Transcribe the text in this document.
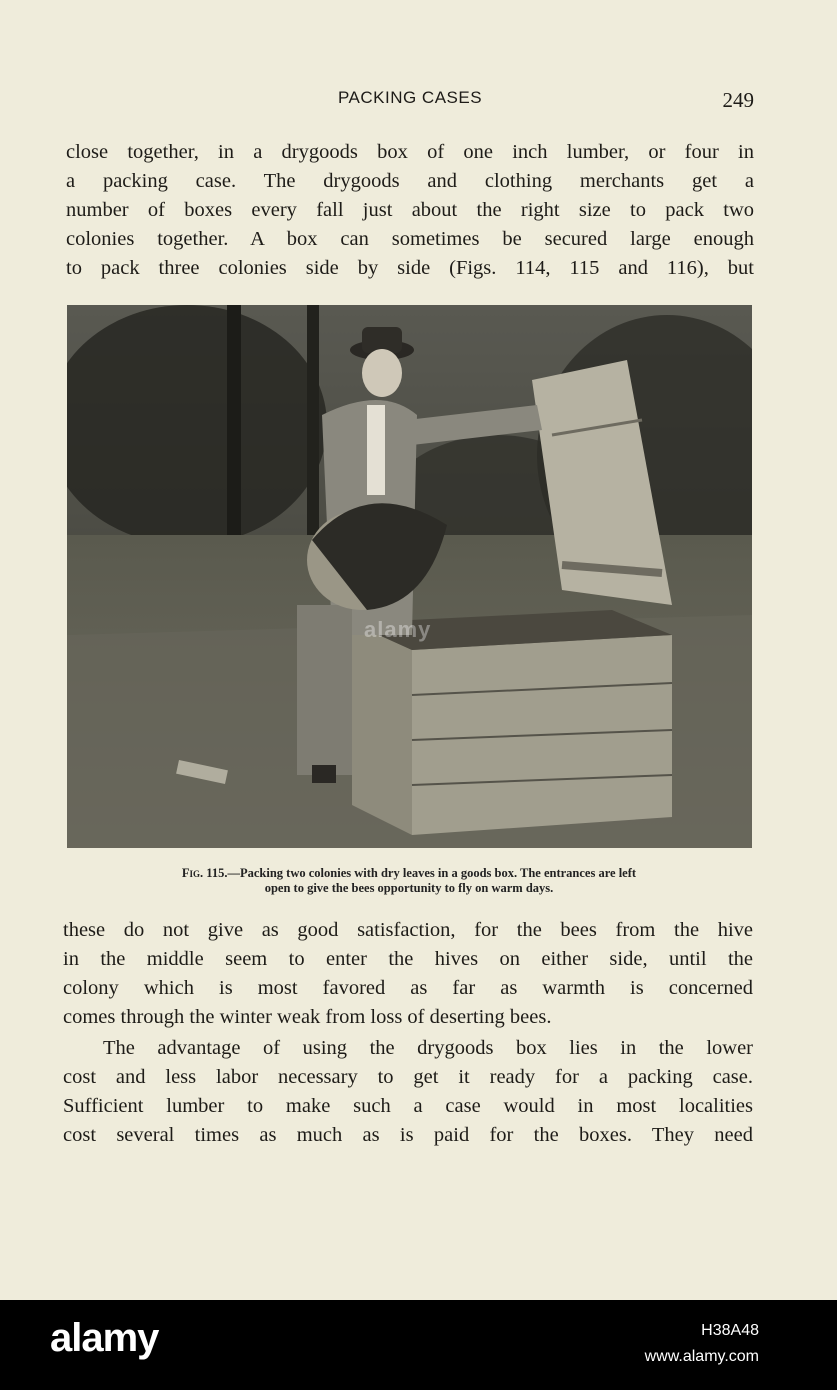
PACKING CASES	249

close together, in a drygoods box of one inch lumber, or four in
a packing case. The drygoods and clothing merchants get a
number of boxes every fall just about the right size to pack two
colonies together. A box can sometimes be secured large enough
to pack three colonies side by side (Figs. 114, 115 and 116), but

alamy
Fig. 115.—Packing two colonies with dry leaves in a goods box. The entrances are left
open to give the bees opportunity to fly on warm days.

these do not give as good satisfaction, for the bees from the hive
in the middle seem to enter the hives on either side, until the
colony which is most favored as far as warmth is concerned
comes through the winter weak from loss of deserting bees.

The advantage of using the drygoods box lies in the lower
cost and less labor necessary to get it ready for a packing case.
Sufficient lumber to make such a case would in most localities
cost several times as much as is paid for the boxes. They need

alamy	H38A48
www.alamy.com
